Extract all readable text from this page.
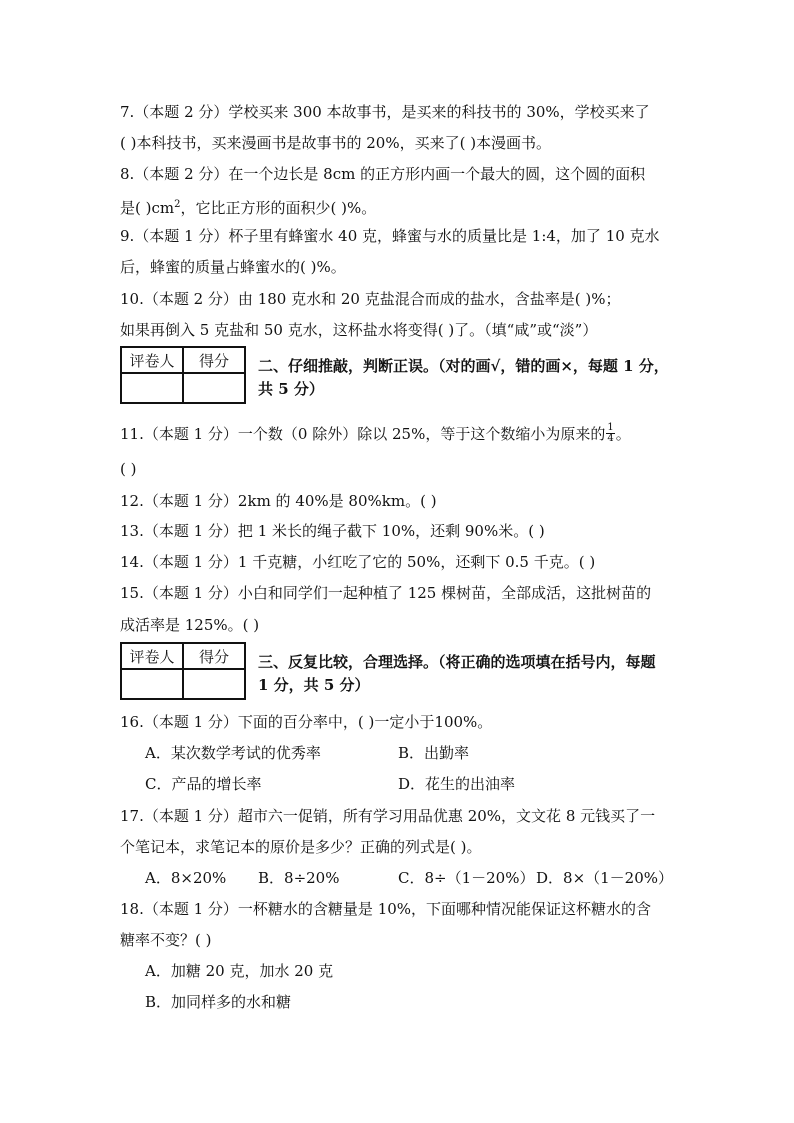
7.（本题 2 分）学校买来 300 本故事书，是买来的科技书的 30%，学校买来了
( )本科技书，买来漫画书是故事书的 20%，买来了( )本漫画书。
8.（本题 2 分）在一个边长是 8cm 的正方形内画一个最大的圆，这个圆的面积
是( )$cm^2$，它比正方形的面积少( )%。
9.（本题 1 分）杯子里有蜂蜜水 40 克，蜂蜜与水的质量比是 1:4，加了 10 克水
后，蜂蜜的质量占蜂蜜水的( )%。
10.（本题 2 分）由 180 克水和 20 克盐混合而成的盐水，含盐率是( )%；
如果再倒入 5 克盐和 50 克水，这杯盐水将变得( )了。（填“咸”或“淡”）
评卷人	得分
	二、仔细推敲，判断正误。（对的画√，错的画×，每题 1 分，
共 5 分）
11.（本题 1 分）一个数（0 除外）除以 25%，等于这个数缩小为原来的 $\frac{1}{4}$ 。
( )
12.（本题 1 分）2km 的 40%是 80%km。( )
13.（本题 1 分）把 1 米长的绳子截下 10%，还剩 90%米。( )
14.（本题 1 分）1 千克糖，小红吃了它的 50%，还剩下 0.5 千克。( )
15.（本题 1 分）小白和同学们一起种植了 125 棵树苗，全部成活，这批树苗的
成活率是 125%。( )
评卷人	得分
	三、反复比较，合理选择。（将正确的选项填在括号内，每题
1 分，共 5 分）
16.（本题 1 分）下面的百分率中，( )一定小于100%。
A．某次数学考试的优秀率	B．出勤率
C．产品的增长率	D．花生的出油率
17.（本题 1 分）超市六一促销，所有学习用品优惠 20%，文文花 8 元钱买了一
个笔记本，求笔记本的原价是多少？正确的列式是( )。
A．8×20% B．8÷20%	C．8÷（1－20%） D．8×（1－20%）
18.（本题 1 分）一杯糖水的含糖量是 10%，下面哪种情况能保证这杯糖水的含
糖率不变？( )
A．加糖 20 克，加水 20 克
B．加同样多的水和糖
